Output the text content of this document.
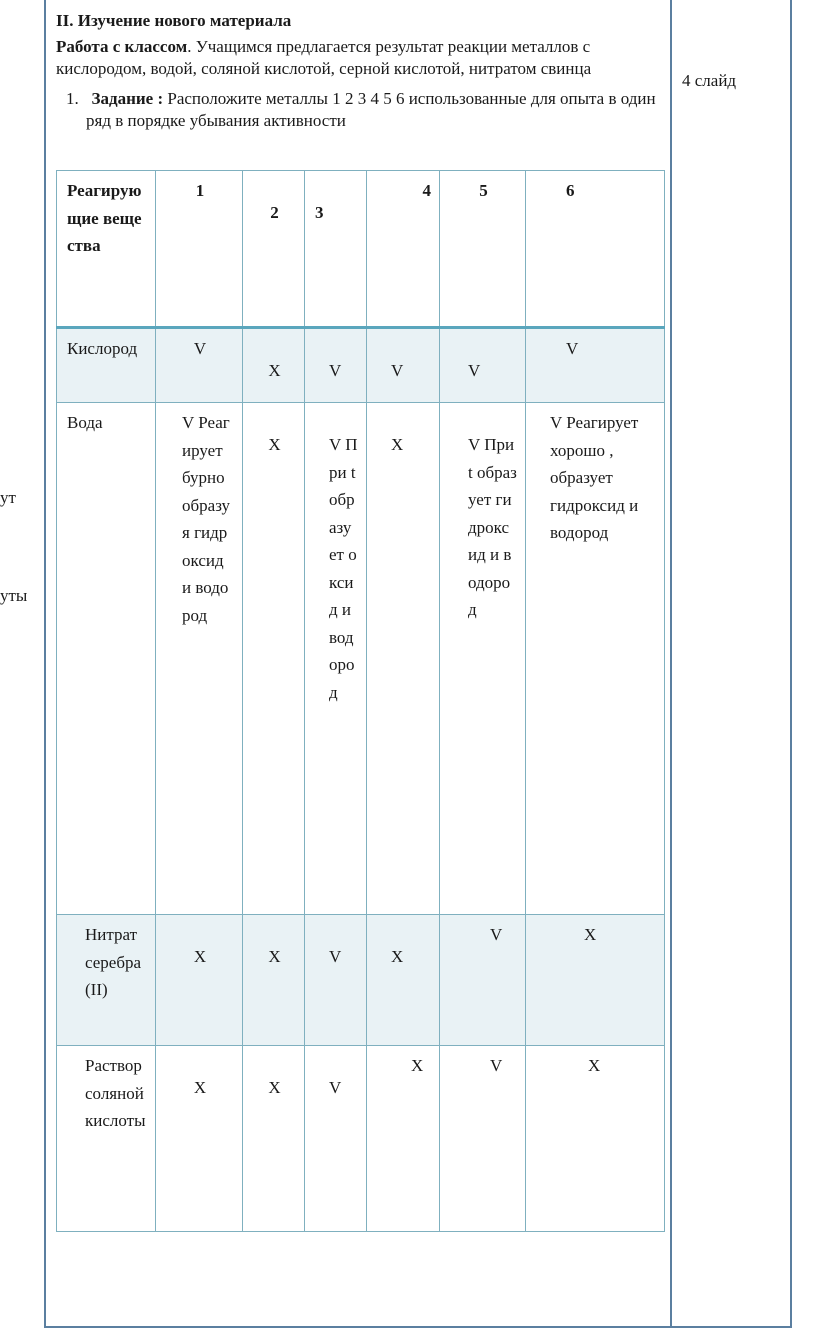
ут
уты
4 слайд

II. Изучение нового материала

Работа с классом. Учащимся предлагается результат реакции металлов с кислородом, водой, соляной кислотой, серной кислотой, нитратом свинца

1. Задание : Расположите металлы 1 2 3 4 5 6 использованные для опыта в один ряд в порядке убывания активности

Реагирующие вещества	1	2	3	4	5	6

Кислород	V	X	V	V	V	V
Вода	V Реагирует бурно образуя гидроксид и водород	X	V При t образует оксид и водород	X	V При t образует гидроксид и водород	V Реагирует хорошо , образует гидроксид и водород
Нитрат серебра (II)	X	X	V	X	V	X
Раствор соляной кислоты	X	X	V	X	V	X
